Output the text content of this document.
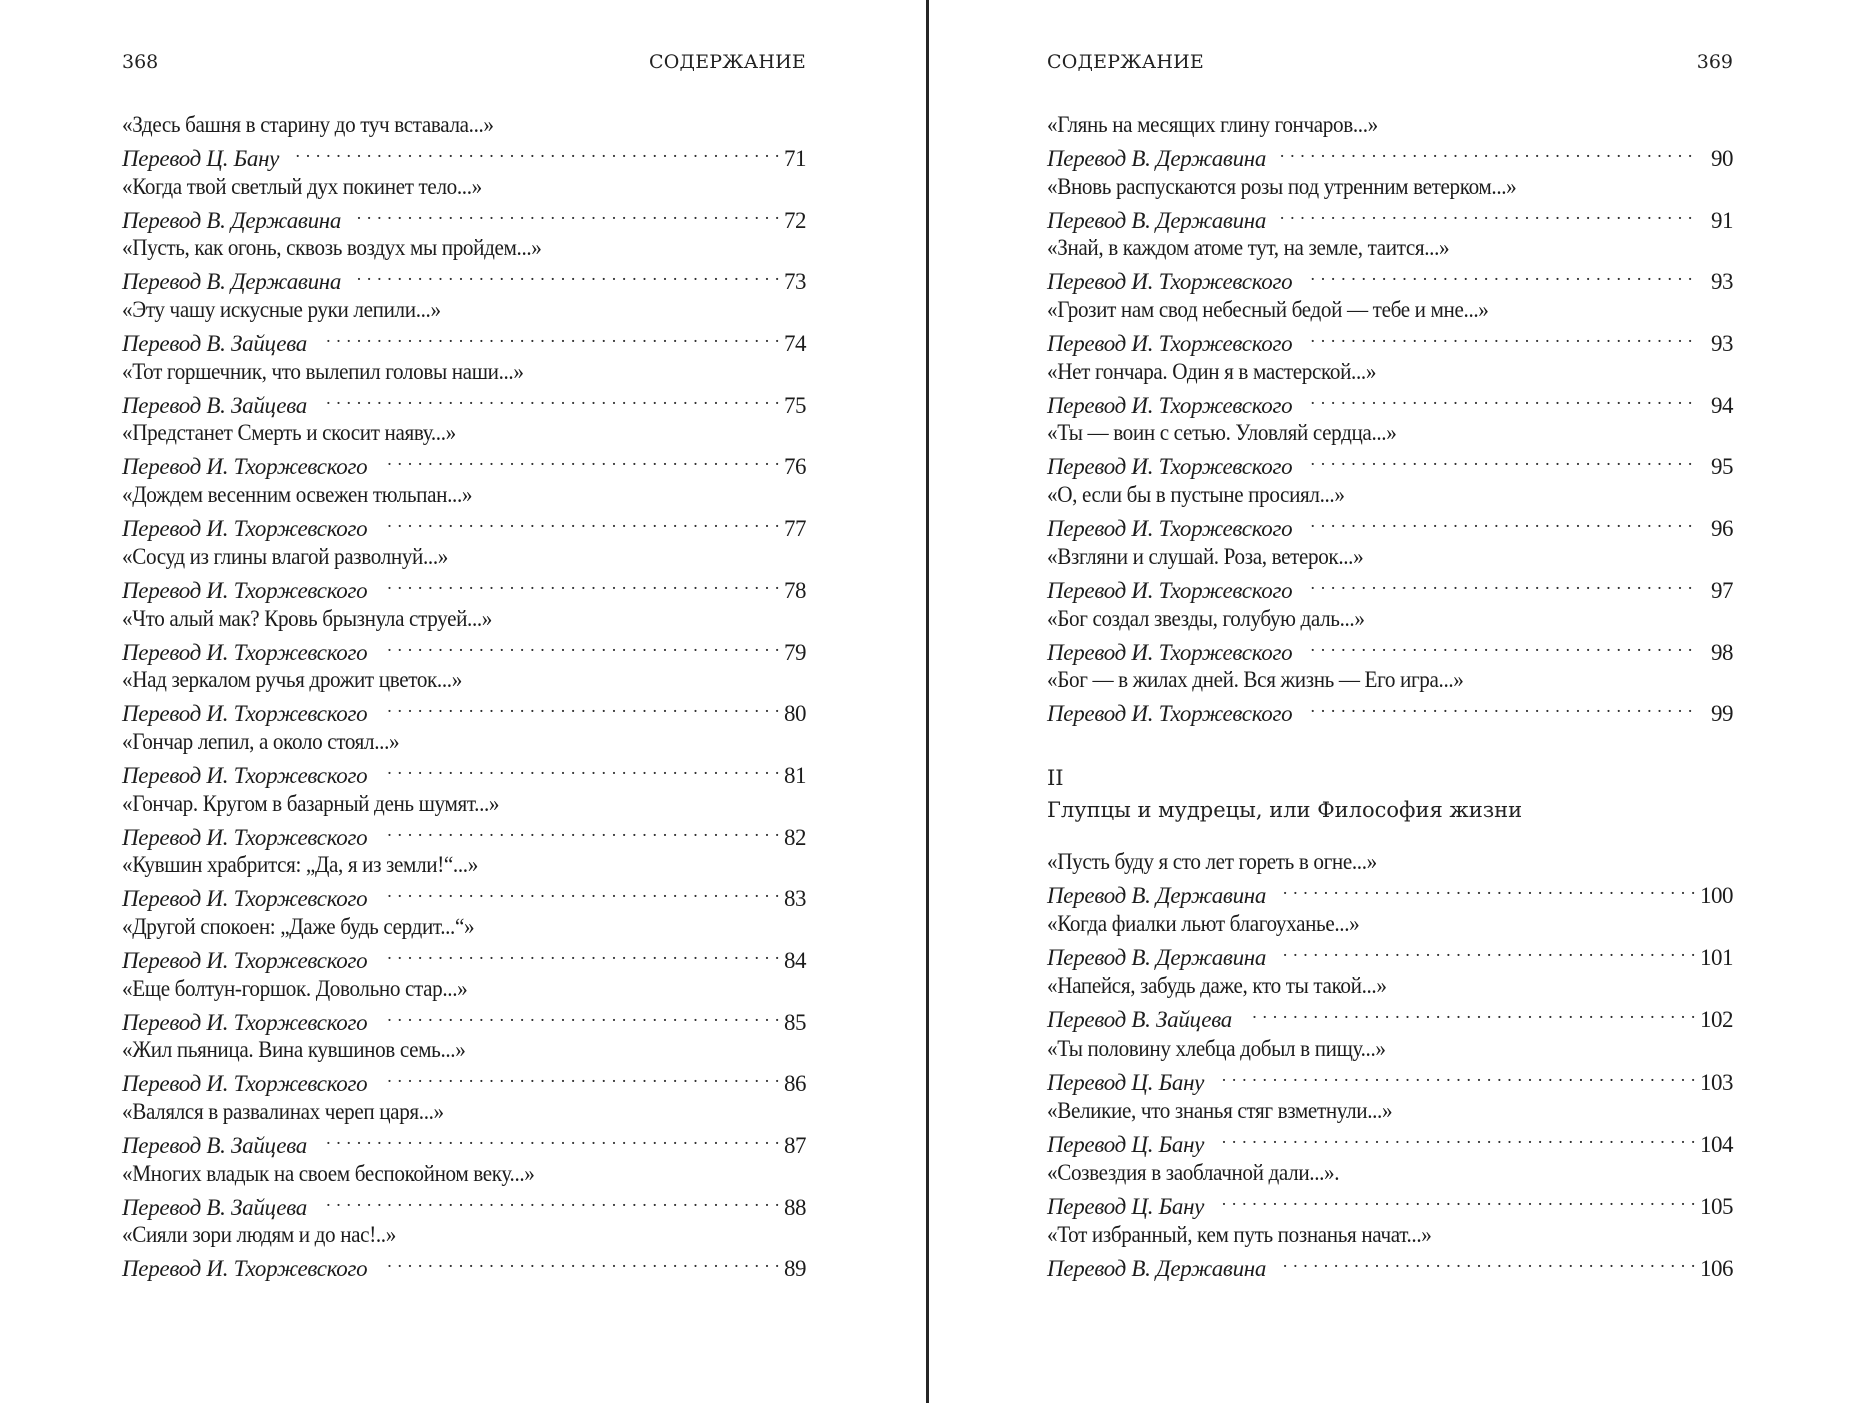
368	СОДЕРЖАНИЕ
«Здесь башня в старину до туч вставала...»
Перевод Ц. Бану . . .	71
«Когда твой светлый дух покинет тело...»
Перевод В. Державина . . .	72
«Пусть, как огонь, сквозь воздух мы пройдем...»
Перевод В. Державина . . .	73
«Эту чашу искусные руки лепили...»
Перевод В. Зайцева . . .	74
«Тот горшечник, что вылепил головы наши...»
Перевод В. Зайцева . . .	75
«Предстанет Смерть и скосит наяву...»
Перевод И. Тхоржевского . . .	76
«Дождем весенним освежен тюльпан...»
Перевод И. Тхоржевского . . .	77
«Сосуд из глины влагой разволнуй...»
Перевод И. Тхоржевского . . .	78
«Что алый мак? Кровь брызнула струей...»
Перевод И. Тхоржевского . . .	79
«Над зеркалом ручья дрожит цветок...»
Перевод И. Тхоржевского . . .	80
«Гончар лепил, а около стоял...»
Перевод И. Тхоржевского . . .	81
«Гончар. Кругом в базарный день шумят...»
Перевод И. Тхоржевского . . .	82
«Кувшин храбрится: „Да, я из земли!“...»
Перевод И. Тхоржевского . . .	83
«Другой спокоен: „Даже будь сердит...“»
Перевод И. Тхоржевского . . .	84
«Еще болтун-горшок. Довольно стар...»
Перевод И. Тхоржевского . . .	85
«Жил пьяница. Вина кувшинов семь...»
Перевод И. Тхоржевского . . .	86
«Валялся в развалинах череп царя...»
Перевод В. Зайцева . . .	87
«Многих владык на своем беспокойном веку...»
Перевод В. Зайцева . . .	88
«Сияли зори людям и до нас!..»
Перевод И. Тхоржевского . . .	89
СОДЕРЖАНИЕ	369
«Глянь на месящих глину гончаров...»
Перевод В. Державина . . .	90
«Вновь распускаются розы под утренним ветерком...»
Перевод В. Державина . . .	91
«Знай, в каждом атоме тут, на земле, таится...»
Перевод И. Тхоржевского . . .	93
«Грозит нам свод небесный бедой — тебе и мне...»
Перевод И. Тхоржевского . . .	93
«Нет гончара. Один я в мастерской...»
Перевод И. Тхоржевского . . .	94
«Ты — воин с сетью. Уловляй сердца...»
Перевод И. Тхоржевского . . .	95
«О, если бы в пустыне просиял...»
Перевод И. Тхоржевского . . .	96
«Взгляни и слушай. Роза, ветерок...»
Перевод И. Тхоржевского . . .	97
«Бог создал звезды, голубую даль...»
Перевод И. Тхоржевского . . .	98
«Бог — в жилах дней. Вся жизнь — Его игра...»
Перевод И. Тхоржевского . . .	99
II
Глупцы и мудрецы, или Философия жизни
«Пусть буду я сто лет гореть в огне...»
Перевод В. Державина . . .	100
«Когда фиалки льют благоуханье...»
Перевод В. Державина . . .	101
«Напейся, забудь даже, кто ты такой...»
Перевод В. Зайцева . . .	102
«Ты половину хлебца добыл в пищу...»
Перевод Ц. Бану . . .	103
«Великие, что знанья стяг взметнули...»
Перевод Ц. Бану . . .	104
«Созвездия в заоблачной дали...».
Перевод Ц. Бану . . .	105
«Тот избранный, кем путь познанья начат...»
Перевод В. Державина . . .	106
